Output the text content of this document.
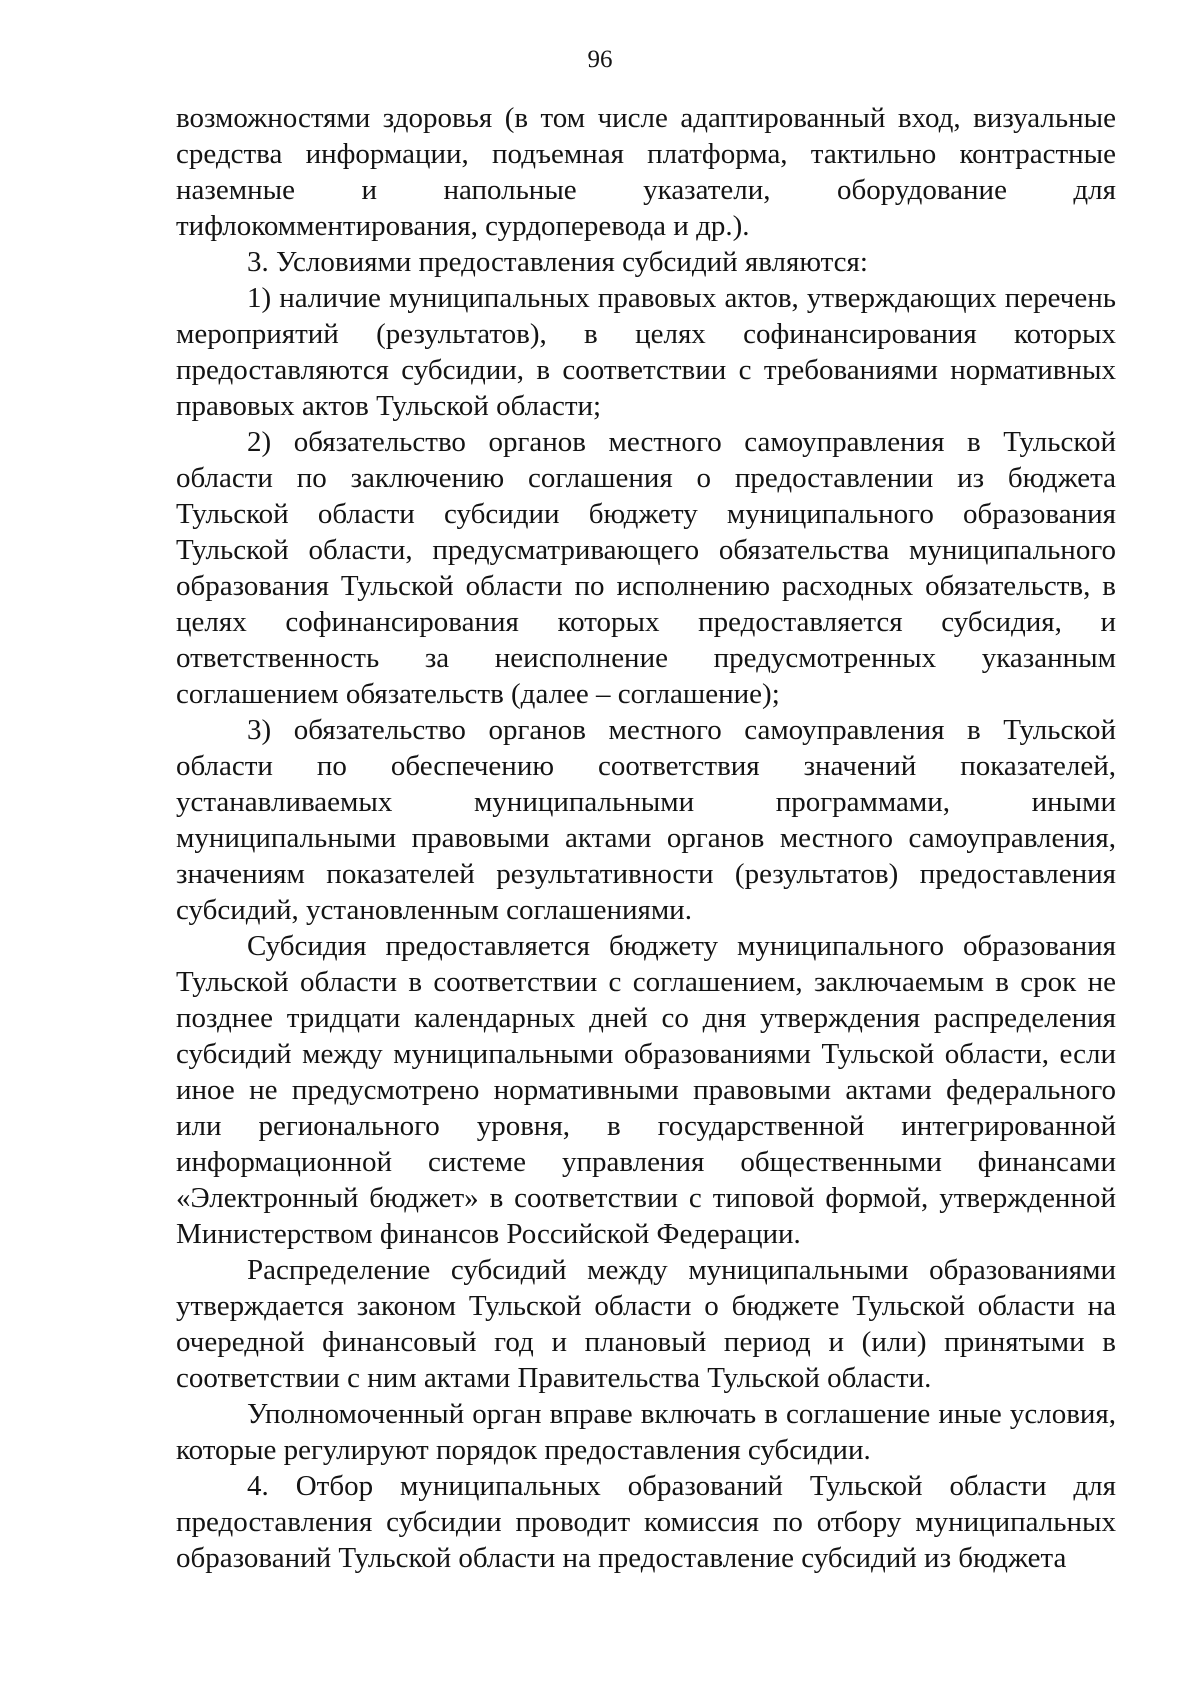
96

возможностями здоровья (в том числе адаптированный вход, визуальные средства информации, подъемная платформа, тактильно контрастные наземные и напольные указатели, оборудование для тифлокомментирования, сурдоперевода и др.).

3. Условиями предоставления субсидий являются:

1) наличие муниципальных правовых актов, утверждающих перечень мероприятий (результатов), в целях софинансирования которых предоставляются субсидии, в соответствии с требованиями нормативных правовых актов Тульской области;

2) обязательство органов местного самоуправления в Тульской области по заключению соглашения о предоставлении из бюджета Тульской области субсидии бюджету муниципального образования Тульской области, предусматривающего обязательства муниципального образования Тульской области по исполнению расходных обязательств, в целях софинансирования которых предоставляется субсидия, и ответственность за неисполнение предусмотренных указанным соглашением обязательств (далее – соглашение);

3) обязательство органов местного самоуправления в Тульской области по обеспечению соответствия значений показателей, устанавливаемых муниципальными программами, иными муниципальными правовыми актами органов местного самоуправления, значениям показателей результативности (результатов) предоставления субсидий, установленным соглашениями.

Субсидия предоставляется бюджету муниципального образования Тульской области в соответствии с соглашением, заключаемым в срок не позднее тридцати календарных дней со дня утверждения распределения субсидий между муниципальными образованиями Тульской области, если иное не предусмотрено нормативными правовыми актами федерального или регионального уровня, в государственной интегрированной информационной системе управления общественными финансами «Электронный бюджет» в соответствии с типовой формой, утвержденной Министерством финансов Российской Федерации.

Распределение субсидий между муниципальными образованиями утверждается законом Тульской области о бюджете Тульской области на очередной финансовый год и плановый период и (или) принятыми в соответствии с ним актами Правительства Тульской области.

Уполномоченный орган вправе включать в соглашение иные условия, которые регулируют порядок предоставления субсидии.

4. Отбор муниципальных образований Тульской области для предоставления субсидии проводит комиссия по отбору муниципальных образований Тульской области на предоставление субсидий из бюджета
